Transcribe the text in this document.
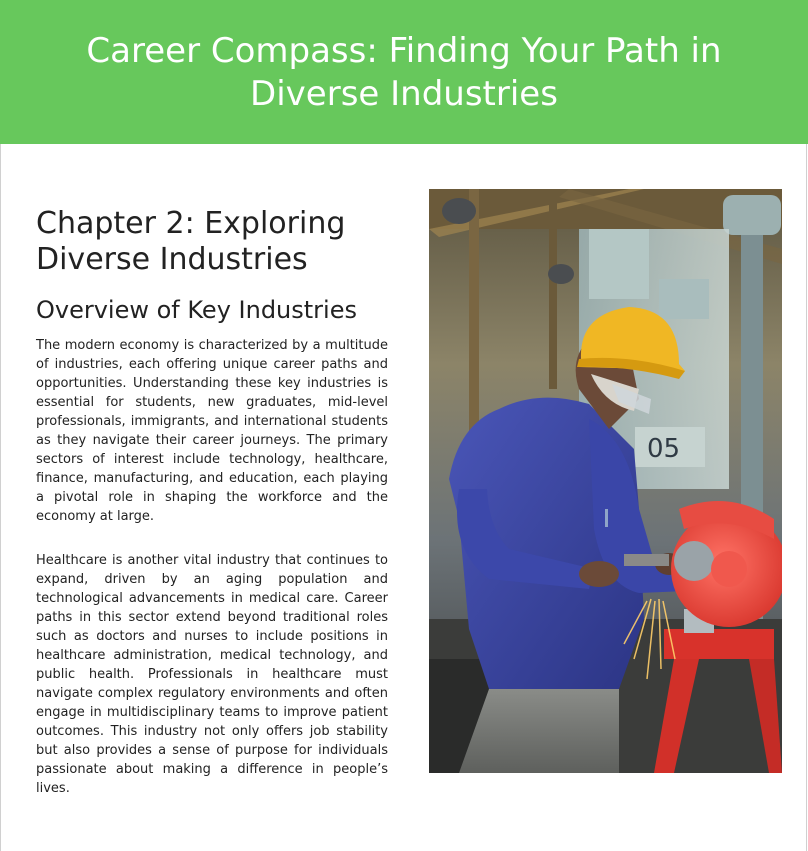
Career Compass: Finding Your Path in Diverse Industries
Chapter 2: Exploring Diverse Industries
Overview of Key Industries

The modern economy is characterized by a multitude of industries, each offering unique career paths and opportunities. Understanding these key industries is essential for students, new graduates, mid-level professionals, immigrants, and international students as they navigate their career journeys. The primary sectors of interest include technology, healthcare, finance, manufacturing, and education, each playing a pivotal role in shaping the workforce and the economy at large.

Healthcare is another vital industry that continues to expand, driven by an aging population and technological advancements in medical care. Career paths in this sector extend beyond traditional roles such as doctors and nurses to include positions in healthcare administration, medical technology, and public health. Professionals in healthcare must navigate complex regulatory environments and often engage in multidisciplinary teams to improve patient outcomes. This industry not only offers job stability but also provides a sense of purpose for individuals passionate about making a difference in people’s lives.

05
